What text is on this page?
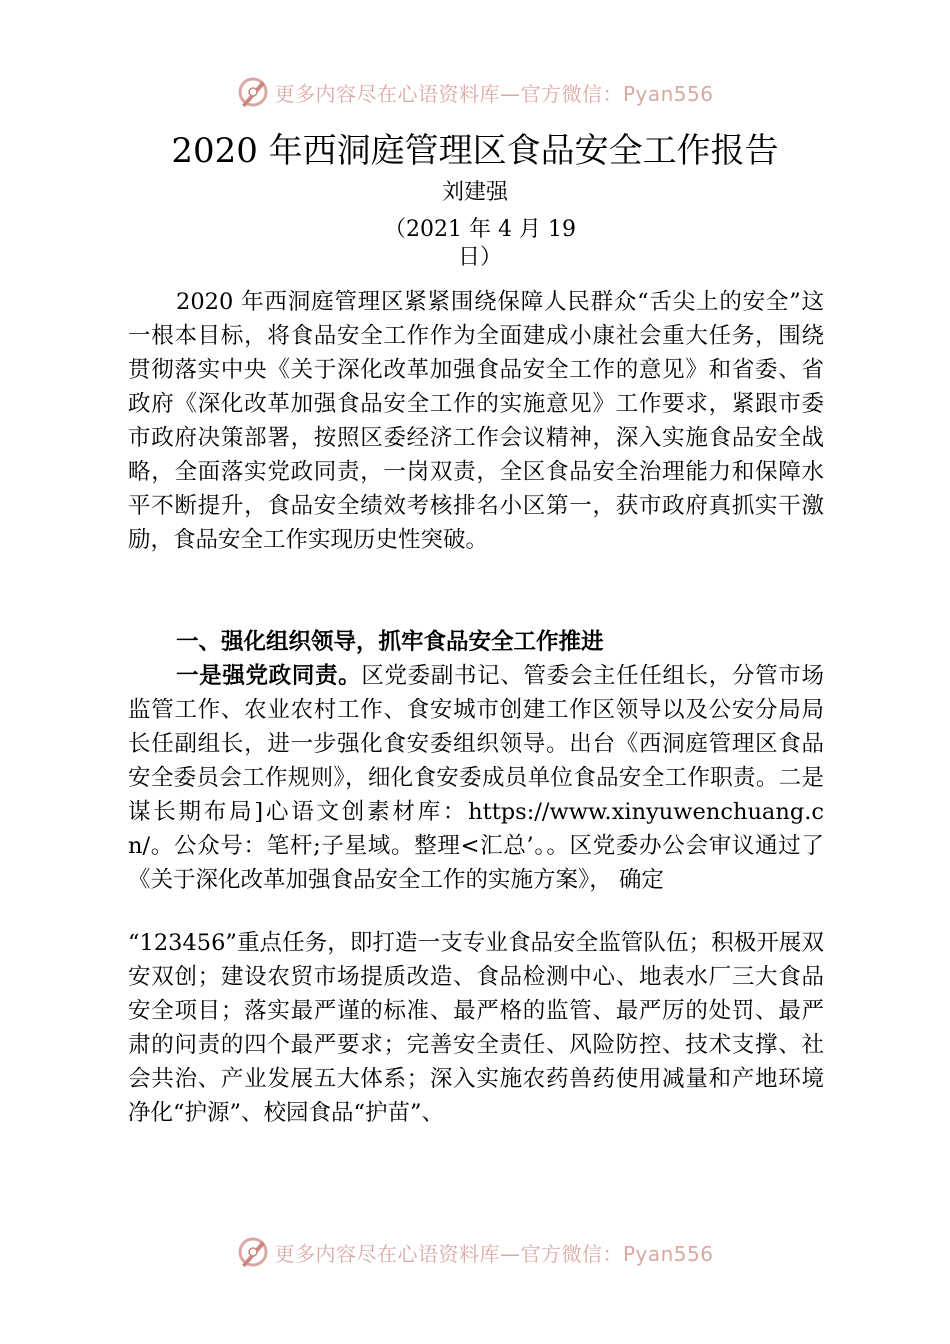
更多内容尽在心语资料库—官方微信：Pyan556
2020 年西洞庭管理区食品安全工作报告
刘建强
（2021 年 4 月 19 日）

2020 年西洞庭管理区紧紧围绕保障人民群众“舌尖上的安全”这一根本目标，将食品安全工作作为全面建成小康社会重大任务，围绕贯彻落实中央《关于深化改革加强食品安全工作的意见》和省委、省政府《深化改革加强食品安全工作的实施意见》工作要求，紧跟市委市政府决策部署，按照区委经济工作会议精神，深入实施食品安全战略，全面落实党政同责，一岗双责，全区食品安全治理能力和保障水平不断提升，食品安全绩效考核排名小区第一，获市政府真抓实干激励，食品安全工作实现历史性突破。

一、强化组织领导，抓牢食品安全工作推进

一是强党政同责。区党委副书记、管委会主任任组长，分管市场监管工作、农业农村工作、食安城市创建工作区领导以及公安分局局长任副组长，进一步强化食安委组织领导。出台《西洞庭管理区食品安全委员会工作规则》，细化食安委成员单位食品安全工作职责。二是谋长期布局]心语文创素材库：https://www.xinyuwenchuang.cn/。公众号：笔杆;子星域。整理<汇总’。。区党委办公会审议通过了《关于深化改革加强食品安全工作的实施方案》， 确定

“123456”重点任务，即打造一支专业食品安全监管队伍；积极开展双安双创；建设农贸市场提质改造、食品检测中心、地表水厂三大食品安全项目；落实最严谨的标准、最严格的监管、最严厉的处罚、最严肃的问责的四个最严要求；完善安全责任、风险防控、技术支撑、社会共治、产业发展五大体系；深入实施农药兽药使用减量和产地环境净化“护源”、校园食品“护苗”、

更多内容尽在心语资料库—官方微信：Pyan556
